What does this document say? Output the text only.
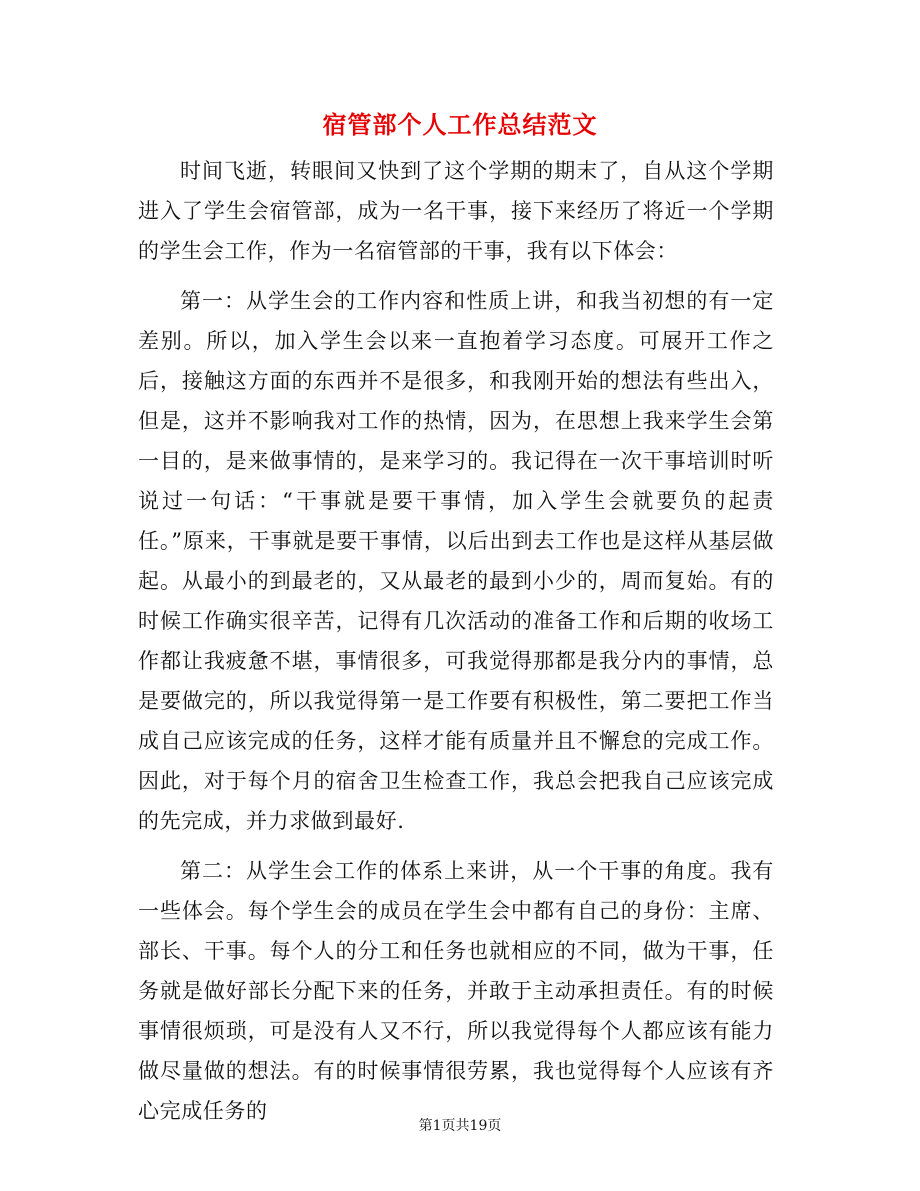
宿管部个人工作总结范文

时间飞逝，转眼间又快到了这个学期的期末了，自从这个学期进入了学生会宿管部，成为一名干事，接下来经历了将近一个学期的学生会工作，作为一名宿管部的干事，我有以下体会：

第一：从学生会的工作内容和性质上讲，和我当初想的有一定差别。所以，加入学生会以来一直抱着学习态度。可展开工作之后，接触这方面的东西并不是很多，和我刚开始的想法有些出入，但是，这并不影响我对工作的热情，因为，在思想上我来学生会第一目的，是来做事情的，是来学习的。我记得在一次干事培训时听说过一句话：“干事就是要干事情，加入学生会就要负的起责任。”原来，干事就是要干事情，以后出到去工作也是这样从基层做起。从最小的到最老的，又从最老的最到小少的，周而复始。有的时候工作确实很辛苦，记得有几次活动的准备工作和后期的收场工作都让我疲惫不堪，事情很多，可我觉得那都是我分内的事情，总是要做完的，所以我觉得第一是工作要有积极性，第二要把工作当成自己应该完成的任务，这样才能有质量并且不懈怠的完成工作。因此，对于每个月的宿舍卫生检查工作，我总会把我自己应该完成的先完成，并力求做到最好.

第二：从学生会工作的体系上来讲，从一个干事的角度。我有一些体会。每个学生会的成员在学生会中都有自己的身份：主席、部长、干事。每个人的分工和任务也就相应的不同，做为干事，任务就是做好部长分配下来的任务，并敢于主动承担责任。有的时候事情很烦琐，可是没有人又不行，所以我觉得每个人都应该有能力做尽量做的想法。有的时候事情很劳累，我也觉得每个人应该有齐心完成任务的

第1页共19页
